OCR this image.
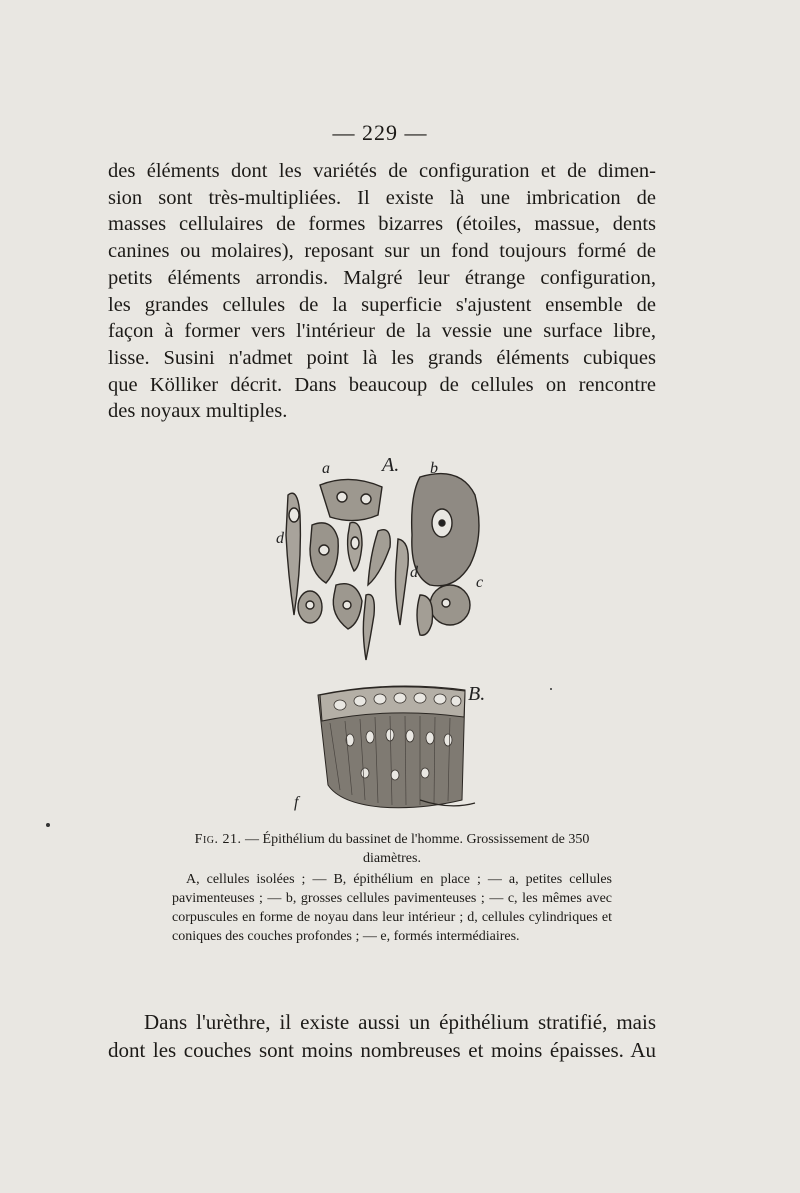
— 229 —
des éléments dont les variétés de configuration et de dimen-
sion sont très-multipliées. Il existe là une imbrication de
masses cellulaires de formes bizarres (étoiles, massue, dents
canines ou molaires), reposant sur un fond toujours formé de
petits éléments arrondis. Malgré leur étrange configuration,
les grandes cellules de la superficie s'ajustent ensemble de
façon à former vers l'intérieur de la vessie une surface libre,
lisse. Susini n'admet point là les grands éléments cubiques
que Kölliker décrit. Dans beaucoup de cellules on rencontre
des noyaux multiples.
a	A. b
d
d
c
B.
f
Fig. 21. — Épithélium du bassinet de l'homme. Grossissement de 350 diamètres.
A, cellules isolées ; — B, épithélium en place ; — a, petites cellules pavimenteuses ; — b, grosses cellules pavimenteuses ; — c, les mêmes avec corpuscules en forme de noyau dans leur intérieur ; d, cellules cylindriques et coniques des couches profondes ; — e, formés intermédiaires.
Dans l'urèthre, il existe aussi un épithélium stratifié, mais
dont les couches sont moins nombreuses et moins épaisses. Au
